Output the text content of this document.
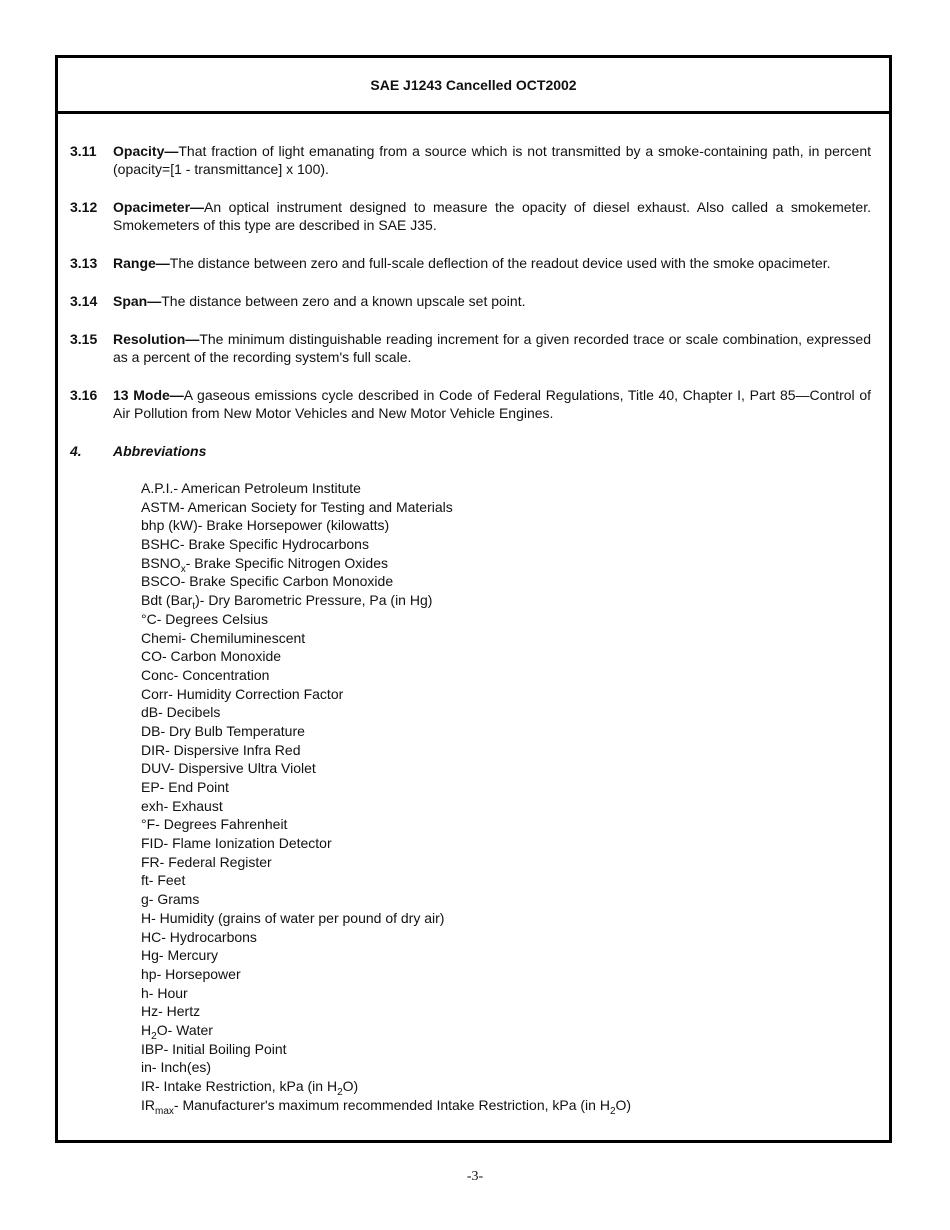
SAE J1243 Cancelled OCT2002
3.11	Opacity—That fraction of light emanating from a source which is not transmitted by a smoke-containing path, in percent (opacity=[1 - transmittance] x 100).
3.12	Opacimeter—An optical instrument designed to measure the opacity of diesel exhaust. Also called a smokemeter. Smokemeters of this type are described in SAE J35.
3.13	Range—The distance between zero and full-scale deflection of the readout device used with the smoke opacimeter.
3.14	Span—The distance between zero and a known upscale set point.
3.15	Resolution—The minimum distinguishable reading increment for a given recorded trace or scale combination, expressed as a percent of the recording system's full scale.
3.16	13 Mode—A gaseous emissions cycle described in Code of Federal Regulations, Title 40, Chapter I, Part 85—Control of Air Pollution from New Motor Vehicles and New Motor Vehicle Engines.
4.	Abbreviations
A.P.I.- American Petroleum Institute
ASTM- American Society for Testing and Materials
bhp (kW)- Brake Horsepower (kilowatts)
BSHC- Brake Specific Hydrocarbons
$BSNO_x-$ Brake Specific Nitrogen Oxides
BSCO- Brake Specific Carbon Monoxide
Bdt (Bar$_t$)- Dry Barometric Pressure, Pa (in Hg)
°C- Degrees Celsius
Chemi- Chemiluminescent
CO- Carbon Monoxide
Conc- Concentration
Corr- Humidity Correction Factor
dB- Decibels
DB- Dry Bulb Temperature
DIR- Dispersive Infra Red
DUV- Dispersive Ultra Violet
EP- End Point
exh- Exhaust
°F- Degrees Fahrenheit
FID- Flame Ionization Detector
FR- Federal Register
ft- Feet
g- Grams
H- Humidity (grains of water per pound of dry air)
HC- Hydrocarbons
Hg- Mercury
hp- Horsepower
h- Hour
Hz- Hertz
$H_2O-$ Water
IBP- Initial Boiling Point
in- Inch(es)
IR- Intake Restriction, kPa (in $H_2O$)
$IR_{max}-$ Manufacturer's maximum recommended Intake Restriction, kPa (in $H_2O$)
-3-
